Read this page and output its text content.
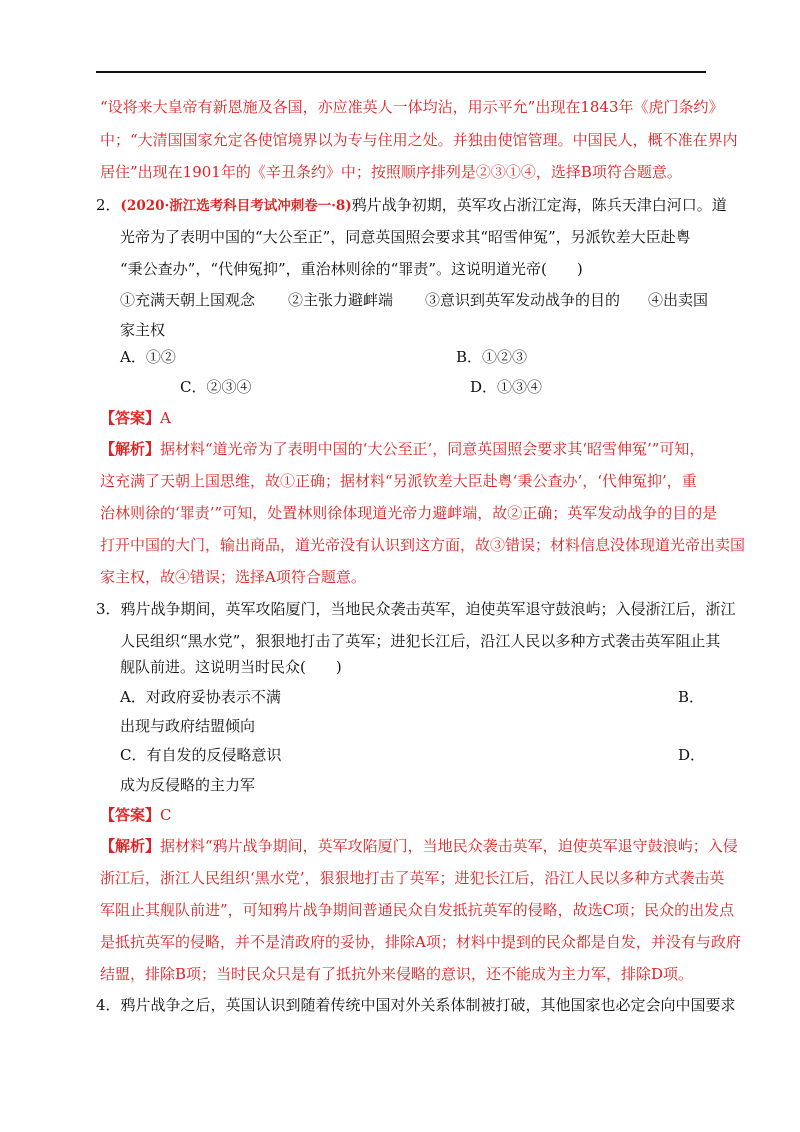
“设将来大皇帝有新恩施及各国，亦应准英人一体均沾，用示平允”出现在1843年《虎门条约》
中；“大清国国家允定各使馆境界以为专与住用之处。并独由使馆管理。中国民人，概不准在界内
居住”出现在1901年的《辛丑条约》中；按照顺序排列是②③①④，选择B项符合题意。
2．(2020·浙江选考科目考试冲刺卷一·8)鸦片战争初期，英军攻占浙江定海，陈兵天津白河口。道
光帝为了表明中国的“大公至正”，同意英国照会要求其“昭雪伸冤”，另派钦差大臣赴粤
“秉公查办”，“代伸冤抑”，重治林则徐的“罪责”。这说明道光帝(　　)
①充满天朝上国观念 ②主张力避衅端 ③意识到英军发动战争的目的 ④出卖国
家主权
A．①②	B．①②③
C．②③④	D．①③④
【答案】A
【解析】据材料“道光帝为了表明中国的‘大公至正’，同意英国照会要求其‘昭雪伸冤’”可知，
这充满了天朝上国思维，故①正确；据材料“另派钦差大臣赴粤‘秉公查办’，‘代伸冤抑’，重
治林则徐的‘罪责’”可知，处置林则徐体现道光帝力避衅端，故②正确；英军发动战争的目的是
打开中国的大门，输出商品，道光帝没有认识到这方面，故③错误；材料信息没体现道光帝出卖国
家主权，故④错误；选择A项符合题意。
3．鸦片战争期间，英军攻陷厦门，当地民众袭击英军，迫使英军退守鼓浪屿；入侵浙江后，浙江
人民组织“黑水党”，狠狠地打击了英军；进犯长江后，沿江人民以多种方式袭击英军阻止其
舰队前进。这说明当时民众(　　)
A．对政府妥协表示不满	B．
出现与政府结盟倾向
C．有自发的反侵略意识	D．
成为反侵略的主力军
【答案】C
【解析】据材料“鸦片战争期间，英军攻陷厦门，当地民众袭击英军，迫使英军退守鼓浪屿；入侵
浙江后，浙江人民组织‘黑水党’，狠狠地打击了英军；进犯长江后，沿江人民以多种方式袭击英
军阻止其舰队前进”，可知鸦片战争期间普通民众自发抵抗英军的侵略，故选C项；民众的出发点
是抵抗英军的侵略，并不是清政府的妥协，排除A项；材料中提到的民众都是自发，并没有与政府
结盟，排除B项；当时民众只是有了抵抗外来侵略的意识，还不能成为主力军，排除D项。
4．鸦片战争之后，英国认识到随着传统中国对外关系体制被打破，其他国家也必定会向中国要求
